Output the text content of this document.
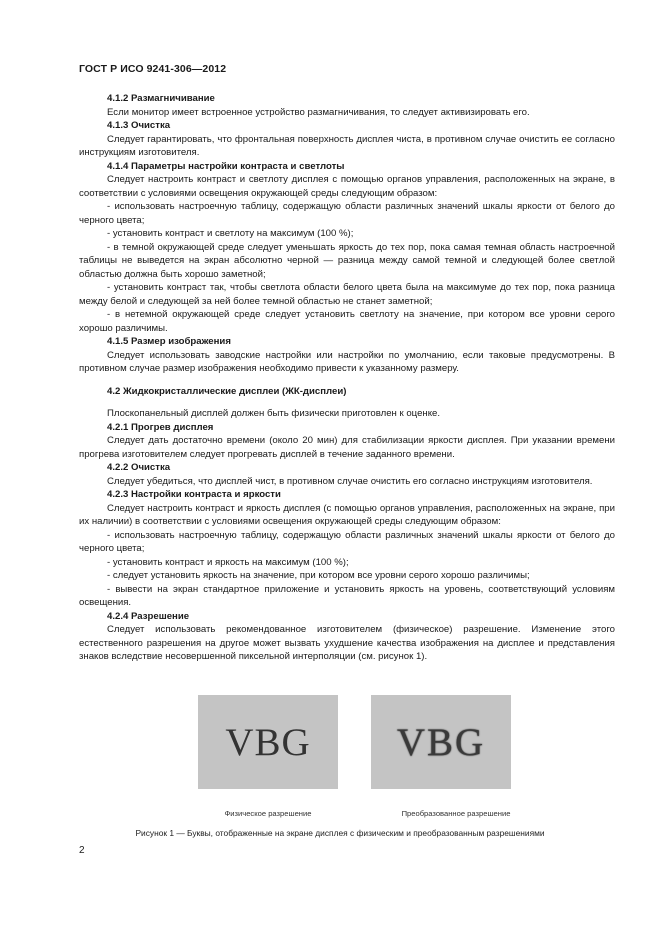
ГОСТ Р ИСО 9241-306—2012

4.1.2 Размагничивание

Если монитор имеет встроенное устройство размагничивания, то следует активизировать его.

4.1.3 Очистка

Следует гарантировать, что фронтальная поверхность дисплея чиста, в противном случае очистить ее согласно инструкциям изготовителя.

4.1.4 Параметры настройки контраста и светлоты

Следует настроить контраст и светлоту дисплея с помощью органов управления, расположенных на экране, в соответствии с условиями освещения окружающей среды следующим образом:

- использовать настроечную таблицу, содержащую области различных значений шкалы яркости от белого до черного цвета;

- установить контраст и светлоту на максимум (100 %);

- в темной окружающей среде следует уменьшать яркость до тех пор, пока самая темная область настроечной таблицы не выведется на экран абсолютно черной — разница между самой темной и следующей более светлой областью должна быть хорошо заметной;

- установить контраст так, чтобы светлота области белого цвета была на максимуме до тех пор, пока разница между белой и следующей за ней более темной областью не станет заметной;

- в нетемной окружающей среде следует установить светлоту на значение, при котором все уровни серого хорошо различимы.

4.1.5 Размер изображения

Следует использовать заводские настройки или настройки по умолчанию, если таковые предусмотрены. В противном случае размер изображения необходимо привести к указанному размеру.

4.2 Жидкокристаллические дисплеи (ЖК-дисплеи)

Плоскопанельный дисплей должен быть физически приготовлен к оценке.

4.2.1 Прогрев дисплея

Следует дать достаточно времени (около 20 мин) для стабилизации яркости дисплея. При указании времени прогрева изготовителем следует прогревать дисплей в течение заданного времени.

4.2.2 Очистка

Следует убедиться, что дисплей чист, в противном случае очистить его согласно инструкциям изготовителя.

4.2.3 Настройки контраста и яркости

Следует настроить контраст и яркость дисплея (с помощью органов управления, расположенных на экране, при их наличии) в соответствии с условиями освещения окружающей среды следующим образом:

- использовать настроечную таблицу, содержащую области различных значений шкалы яркости от белого до черного цвета;

- установить контраст и яркость на максимум (100 %);

- следует установить яркость на значение, при котором все уровни серого хорошо различимы;

- вывести на экран стандартное приложение и установить яркость на уровень, соответствующий условиям освещения.

4.2.4 Разрешение

Следует использовать рекомендованное изготовителем (физическое) разрешение. Изменение этого естественного разрешения на другое может вызвать ухудшение качества изображения на дисплее и представления знаков вследствие несовершенной пиксельной интерполяции (см. рисунок 1).

VBG VBG
Физическое разрешение	Преобразованное разрешение
Рисунок 1 — Буквы, отображенные на экране дисплея с физическим и преобразованным разрешениями
2
